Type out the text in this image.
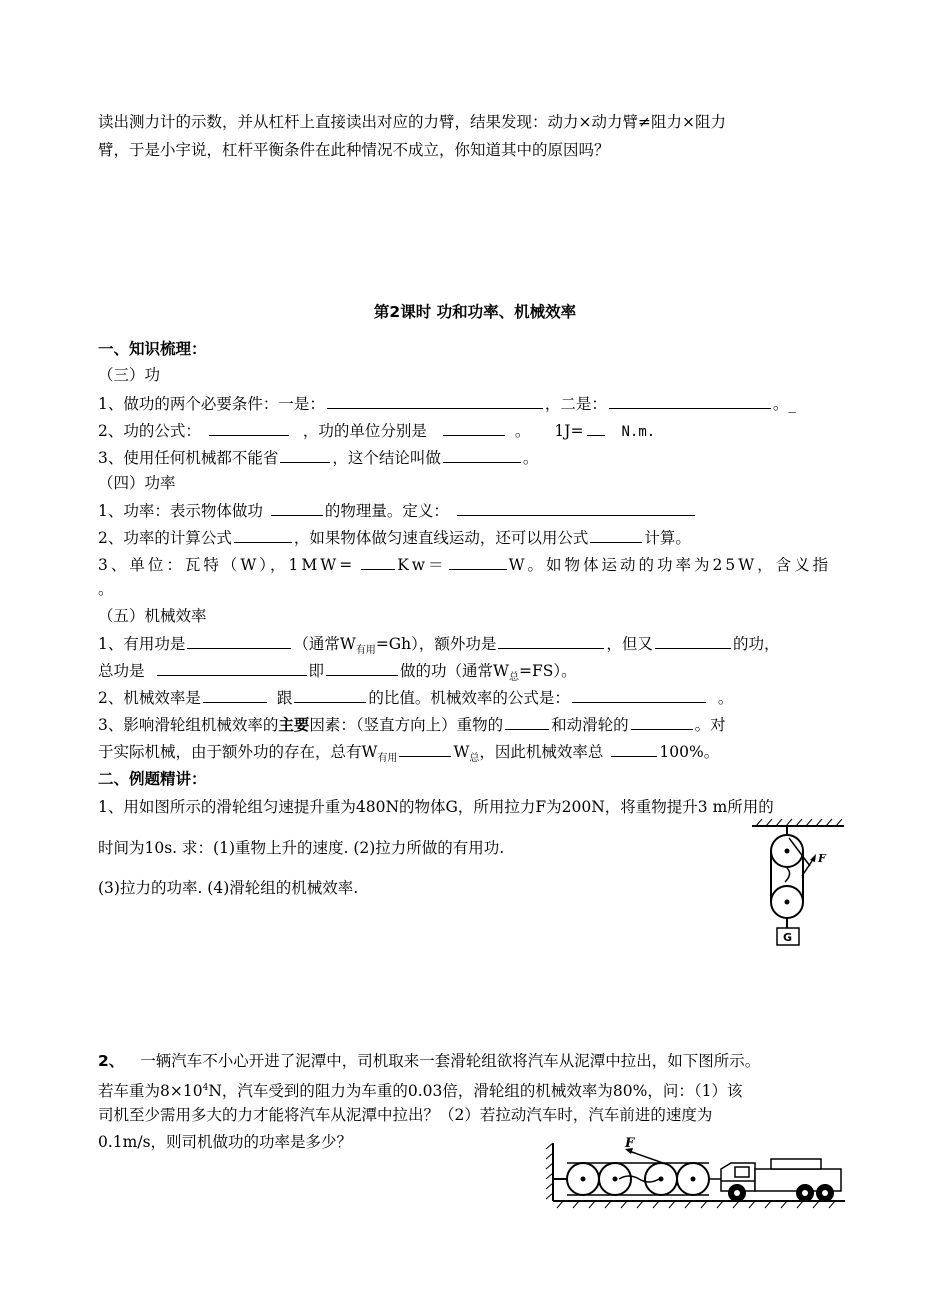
读出测力计的示数，并从杠杆上直接读出对应的力臂，结果发现：动力×动力臂≠阻力×阻力
臂，于是小宇说，杠杆平衡条件在此种情况不成立，你知道其中的原因吗？
第2课时 功和功率、机械效率
一、知识梳理：
（三）功
1、做功的两个必要条件：一是：	，二是：	。_
2、功的公式：	，功的单位分别是	。 1J=	N.m.
3、使用任何机械都不能省	，这个结论叫做	。
（四）功率
1、功率：表示物体做功	的物理量。定义：
2、功率的计算公式	，如果物体做匀速直线运动，还可以用公式	计算。
3、单位：瓦特（W），1MW=	Kw＝	W。如物体运动的功率为25W，含义指
。
（五）机械效率
1、有用功是	（通常$W_{有用}=Gh$），额外功是	，但又	的功，
总功是	即	做的功（通常$W_总=FS$）。
2、机械效率是	跟	的比值。机械效率的公式是：	。
3、影响滑轮组机械效率的主要因素：（竖直方向上）重物的	和动滑轮的	。对
于实际机械，由于额外功的存在，总有$W_{有用}$	$W_总$，因此机械效率总	100%。
二、例题精讲：
1、用如图所示的滑轮组匀速提升重为480N的物体G，所用拉力F为200N，将重物提升3 m所用的
时间为10s. 求：(1)重物上升的速度. (2)拉力所做的有用功.
(3)拉力的功率. (4)滑轮组的机械效率.
F
G
2、 一辆汽车不小心开进了泥潭中，司机取来一套滑轮组欲将汽车从泥潭中拉出，如下图所示。
若车重为$8\times 10^4N$，汽车受到的阻力为车重的0.03倍，滑轮组的机械效率为80%，问：（1）该
司机至少需用多大的力才能将汽车从泥潭中拉出？（2）若拉动汽车时，汽车前进的速度为
0.1m/s，则司机做功的功率是多少？	F
